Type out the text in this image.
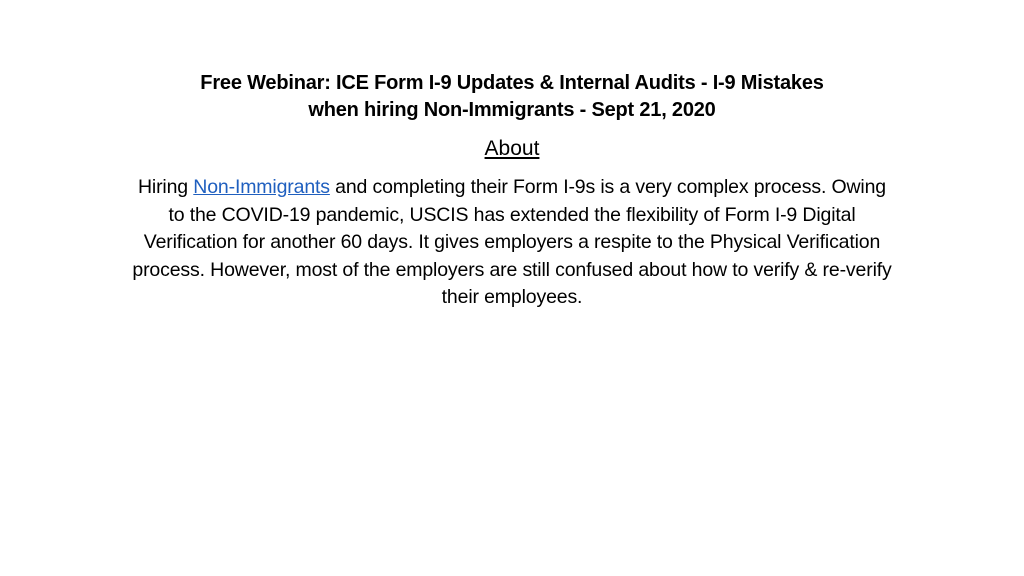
Free Webinar: ICE Form I-9 Updates & Internal Audits - I-9 Mistakes
when hiring Non-Immigrants - Sept 21, 2020
About
Hiring Non-Immigrants and completing their Form I-9s is a very complex process. Owing to the COVID-19 pandemic, USCIS has extended the flexibility of Form I-9 Digital Verification for another 60 days. It gives employers a respite to the Physical Verification process. However, most of the employers are still confused about how to verify & re-verify their employees.
